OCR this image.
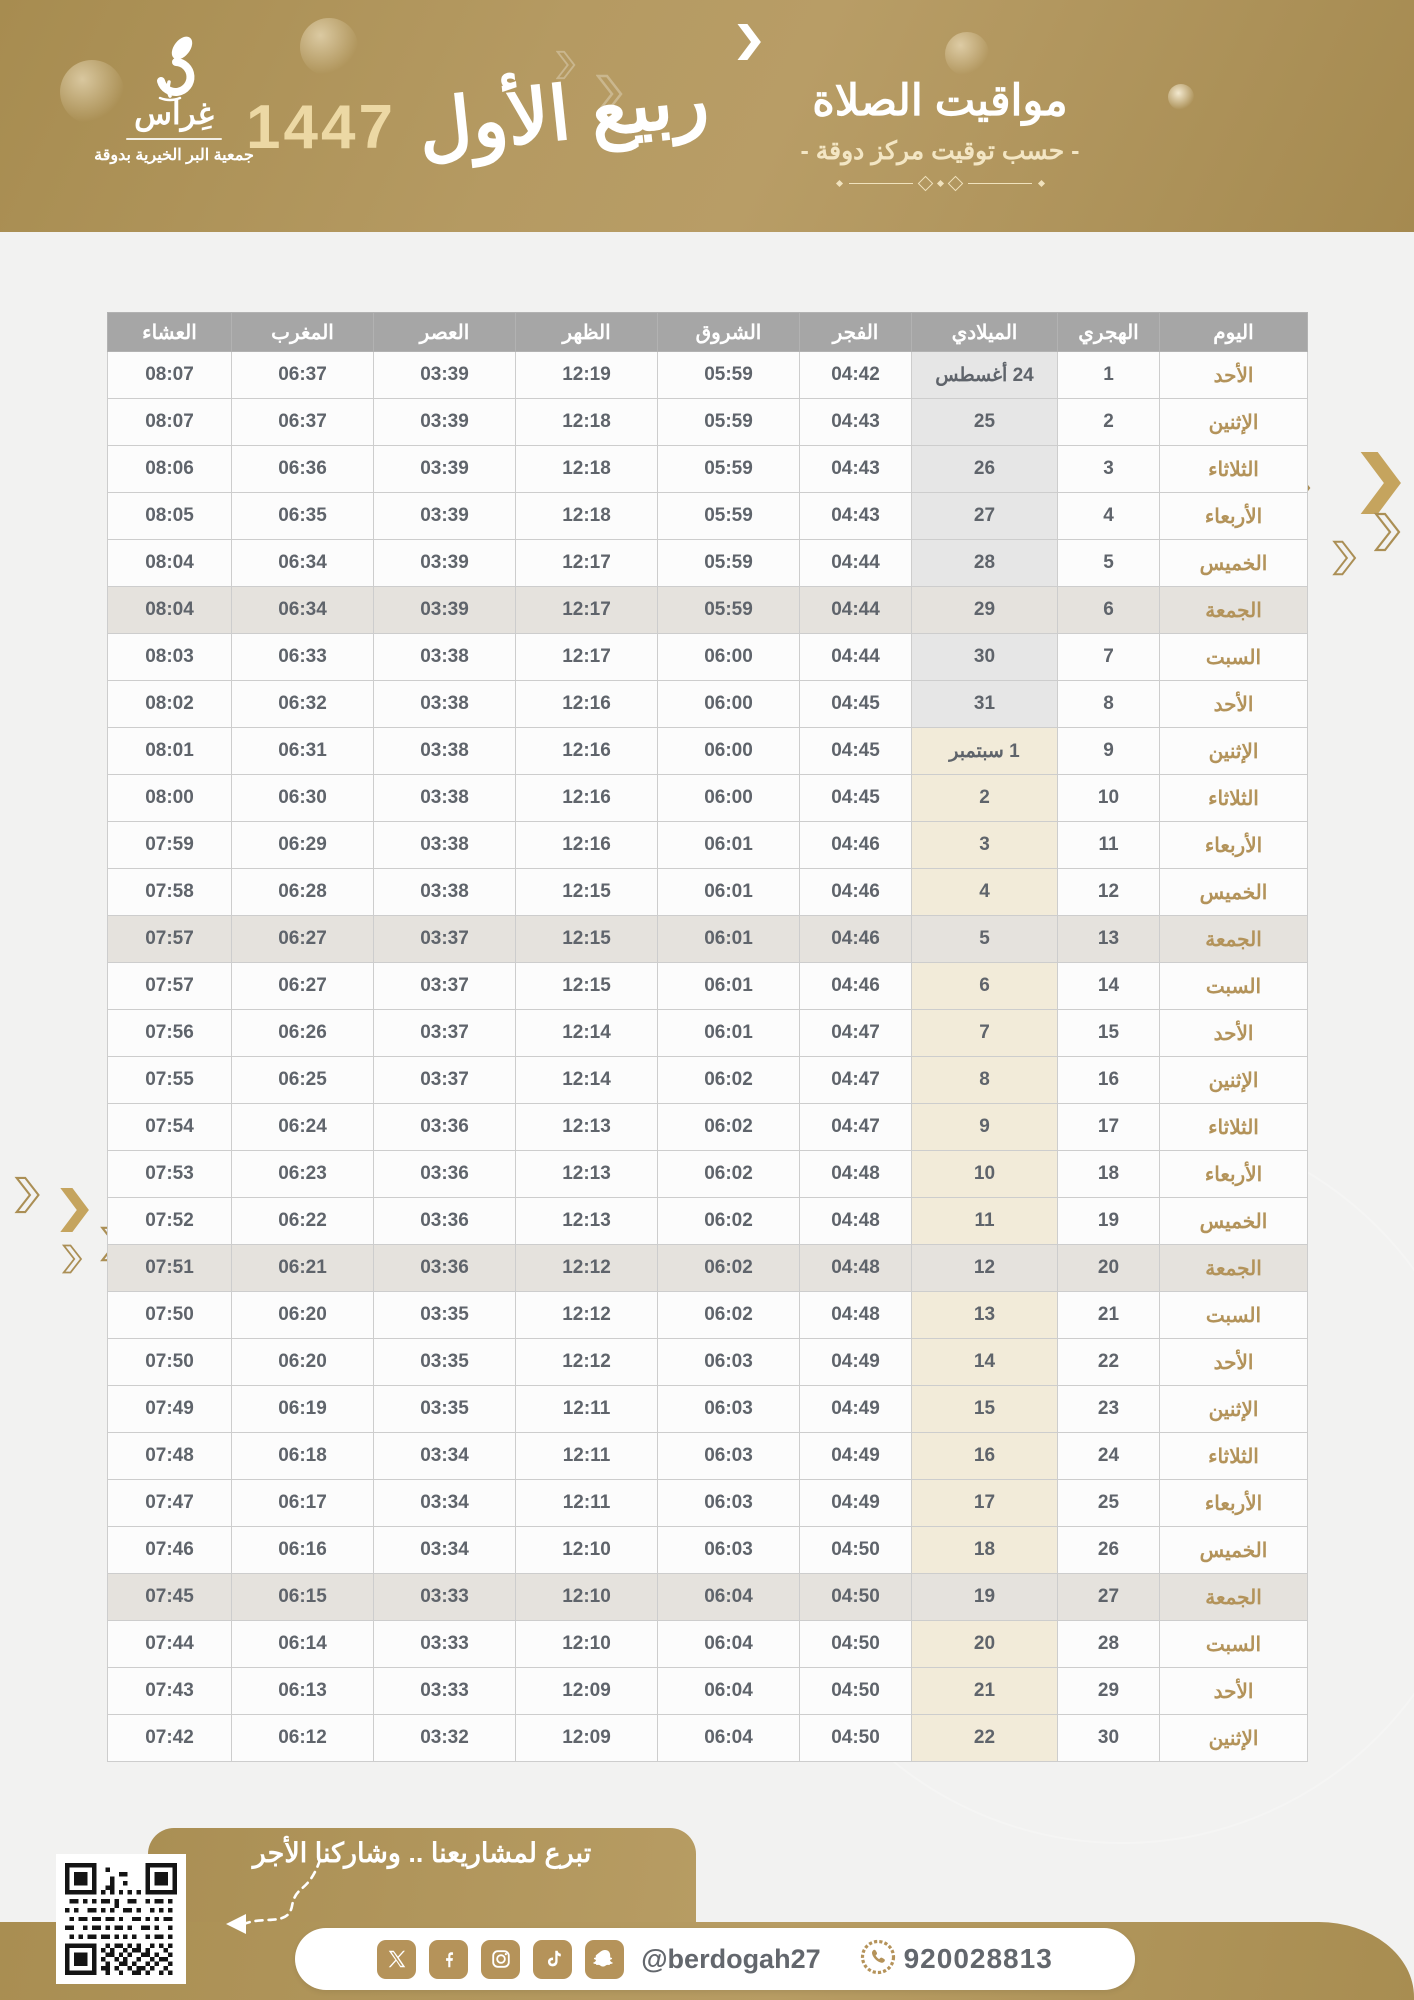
غِراس
جمعية البر الخيرية بدوقة
1447 ربيع الأول	مواقيت الصلاة
- حسب توقيت مركز دوقة -
اليوم	الهجري	الميلادي	الفجر	الشروق	الظهر	العصر	المغرب	العشاء
الأحد	1	24 أغسطس	04:42	05:59	12:19	03:39	06:37	08:07
الإثنين	2	25	04:43	05:59	12:18	03:39	06:37	08:07
الثلاثاء	3	26	04:43	05:59	12:18	03:39	06:36	08:06
الأربعاء	4	27	04:43	05:59	12:18	03:39	06:35	08:05
الخميس	5	28	04:44	05:59	12:17	03:39	06:34	08:04
الجمعة	6	29	04:44	05:59	12:17	03:39	06:34	08:04
السبت	7	30	04:44	06:00	12:17	03:38	06:33	08:03
الأحد	8	31	04:45	06:00	12:16	03:38	06:32	08:02
الإثنين	9	1 سبتمبر	04:45	06:00	12:16	03:38	06:31	08:01
الثلاثاء	10	2	04:45	06:00	12:16	03:38	06:30	08:00
الأربعاء	11	3	04:46	06:01	12:16	03:38	06:29	07:59
الخميس	12	4	04:46	06:01	12:15	03:38	06:28	07:58
الجمعة	13	5	04:46	06:01	12:15	03:37	06:27	07:57
السبت	14	6	04:46	06:01	12:15	03:37	06:27	07:57
الأحد	15	7	04:47	06:01	12:14	03:37	06:26	07:56
الإثنين	16	8	04:47	06:02	12:14	03:37	06:25	07:55
الثلاثاء	17	9	04:47	06:02	12:13	03:36	06:24	07:54
الأربعاء	18	10	04:48	06:02	12:13	03:36	06:23	07:53
الخميس	19	11	04:48	06:02	12:13	03:36	06:22	07:52
الجمعة	20	12	04:48	06:02	12:12	03:36	06:21	07:51
السبت	21	13	04:48	06:02	12:12	03:35	06:20	07:50
الأحد	22	14	04:49	06:03	12:12	03:35	06:20	07:50
الإثنين	23	15	04:49	06:03	12:11	03:35	06:19	07:49
الثلاثاء	24	16	04:49	06:03	12:11	03:34	06:18	07:48
الأربعاء	25	17	04:49	06:03	12:11	03:34	06:17	07:47
الخميس	26	18	04:50	06:03	12:10	03:34	06:16	07:46
الجمعة	27	19	04:50	06:04	12:10	03:33	06:15	07:45
السبت	28	20	04:50	06:04	12:10	03:33	06:14	07:44
الأحد	29	21	04:50	06:04	12:09	03:33	06:13	07:43
الإثنين	30	22	04:50	06:04	12:09	03:32	06:12	07:42
تبرع لمشاريعنا .. وشاركنا الأجر
@berdogah27	920028813
